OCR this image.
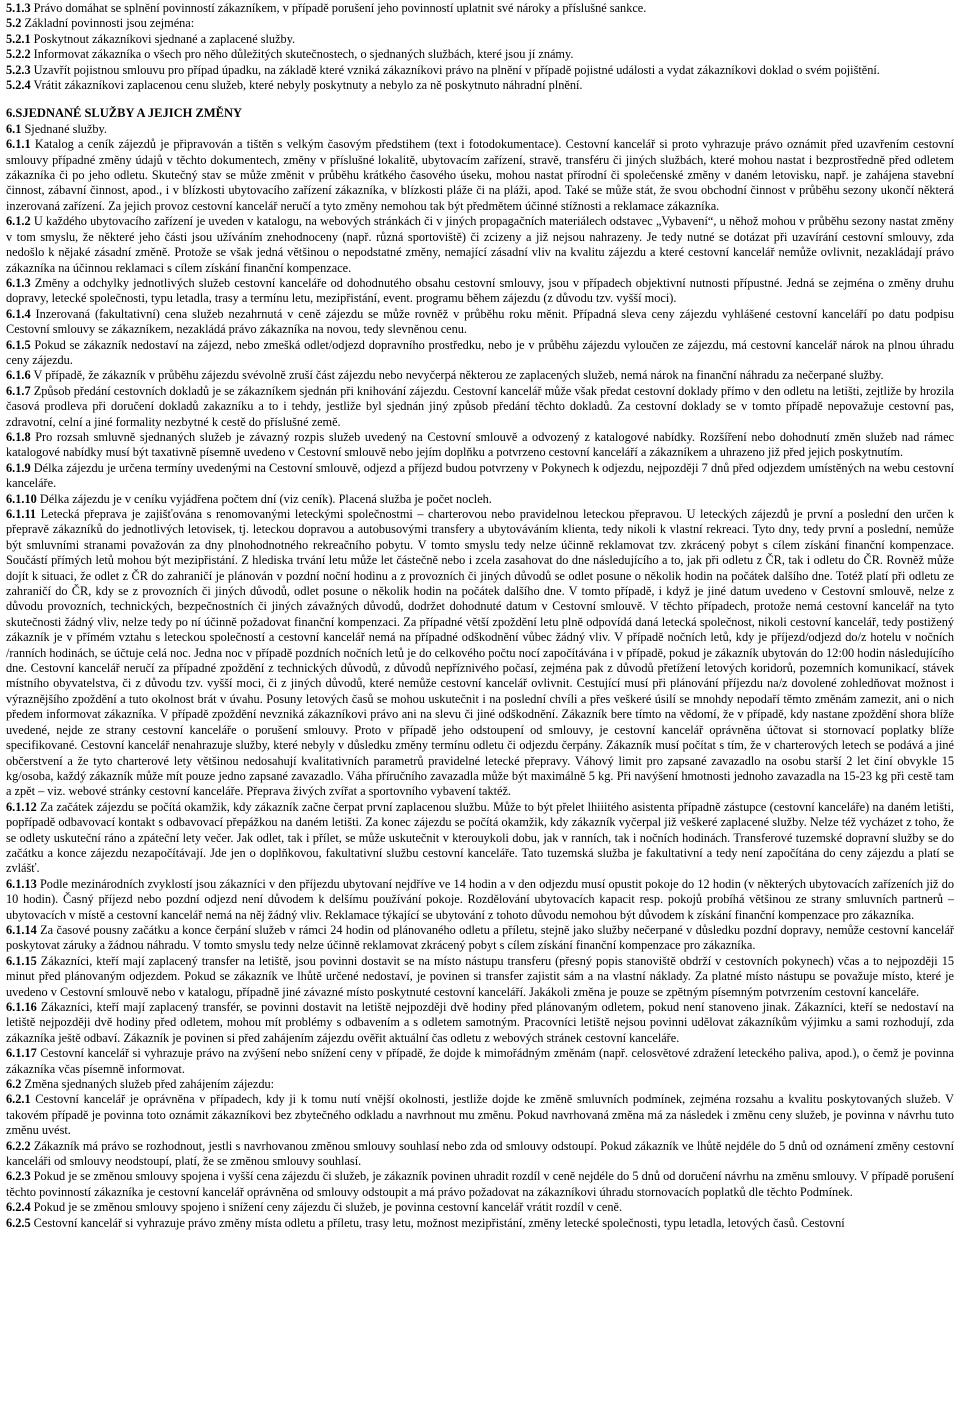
5.1.3 Právo domáhat se splnění povinností zákazníkem, v případě porušení jeho povinností uplatnit své nároky a příslušné sankce.

5.2 Základní povinnosti jsou zejména:

5.2.1 Poskytnout zákazníkovi sjednané a zaplacené služby.

5.2.2 Informovat zákazníka o všech pro něho důležitých skutečnostech, o sjednaných službách, které jsou jí známy.

5.2.3 Uzavřít pojistnou smlouvu pro případ úpadku, na základě které vzniká zákazníkovi právo na plnění v případě pojistné události a vydat zákazníkovi doklad o svém pojištění.

5.2.4 Vrátit zákazníkovi zaplacenou cenu služeb, které nebyly poskytnuty a nebylo za ně poskytnuto náhradní plnění.

6.SJEDNANÉ SLUŽBY A JEJICH ZMĚNY

6.1 Sjednané služby.

6.1.1 Katalog a ceník zájezdů je připravován a tištěn s velkým časovým předstihem (text i fotodokumentace). Cestovní kancelář si proto vyhrazuje právo oznámit před uzavřením cestovní smlouvy případné změny údajů v těchto dokumentech, změny v příslušné lokalitě, ubytovacím zařízení, stravě, transféru či jiných službách, které mohou nastat i bezprostředně před odletem zákazníka či po jeho odletu. Skutečný stav se může změnit v průběhu krátkého časového úseku, mohou nastat přírodní či společenské změny v daném letovisku, např. je zahájena stavební činnost, zábavní činnost, apod., i v blízkosti ubytovacího zařízení zákazníka, v blízkosti pláže či na pláži, apod. Také se může stát, že svou obchodní činnost v průběhu sezony ukončí některá inzerovaná zařízení. Za jejich provoz cestovní kancelář neručí a tyto změny nemohou tak být předmětem účinné stížnosti a reklamace zákazníka.

6.1.2 U každého ubytovacího zařízení je uveden v katalogu, na webových stránkách či v jiných propagačních materiálech odstavec „Vybavení“, u něhož mohou v průběhu sezony nastat změny v tom smyslu, že některé jeho části jsou užíváním znehodnoceny (např. různá sportoviště) či zcizeny a již nejsou nahrazeny. Je tedy nutné se dotázat při uzavírání cestovní smlouvy, zda nedošlo k nějaké zásadní změně. Protože se však jedná většinou o nepodstatné změny, nemající zásadní vliv na kvalitu zájezdu a které cestovní kancelář nemůže ovlivnit, nezakládají právo zákazníka na účinnou reklamaci s cílem získání finanční kompenzace.

6.1.3 Změny a odchylky jednotlivých služeb cestovní kanceláře od dohodnutého obsahu cestovní smlouvy, jsou v případech objektivní nutnosti přípustné. Jedná se zejména o změny druhu dopravy, letecké společnosti, typu letadla, trasy a termínu letu, mezipřistání, event. programu během zájezdu (z důvodu tzv. vyšší moci).

6.1.4 Inzerovaná (fakultativní) cena služeb nezahrnutá v ceně zájezdu se může rovněž v průběhu roku měnit. Případná sleva ceny zájezdu vyhlášené cestovní kanceláří po datu podpisu Cestovní smlouvy se zákazníkem, nezakládá právo zákazníka na novou, tedy slevněnou cenu.

6.1.5 Pokud se zákazník nedostaví na zájezd, nebo zmešká odlet/odjezd dopravního prostředku, nebo je v průběhu zájezdu vyloučen ze zájezdu, má cestovní kancelář nárok na plnou úhradu ceny zájezdu.

6.1.6 V případě, že zákazník v průběhu zájezdu svévolně zruší část zájezdu nebo nevyčerpá některou ze zaplacených služeb, nemá nárok na finanční náhradu za nečerpané služby.

6.1.7 Způsob předání cestovních dokladů je se zákazníkem sjednán při knihování zájezdu. Cestovní kancelář může však předat cestovní doklady přímo v den odletu na letišti, zejtliže by hrozila časová prodleva při doručení dokladů zakazníku a to i tehdy, jestliže byl sjednán jiný způsob předání těchto dokladů. Za cestovní doklady se v tomto případě nepovažuje cestovní pas, zdravotní, celní a jiné formality nezbytné k cestě do příslušné země.

6.1.8 Pro rozsah smluvně sjednaných služeb je závazný rozpis služeb uvedený na Cestovní smlouvě a odvozený z katalogové nabídky. Rozšíření nebo dohodnutí změn služeb nad rámec katalogové nabídky musí být taxativně písemně uvedeno v Cestovní smlouvě nebo jejím doplňku a potvrzeno cestovní kanceláří a zákazníkem a uhrazeno již před jejich poskytnutím.

6.1.9 Délka zájezdu je určena termíny uvedenými na Cestovní smlouvě, odjezd a příjezd budou potvrzeny v Pokynech k odjezdu, nejpozději 7 dnů před odjezdem umístěných na webu cestovní kanceláře.

6.1.10 Délka zájezdu je v ceníku vyjádřena počtem dní (viz ceník). Placená služba je počet nocleh.

6.1.11 Letecká přeprava je zajišťována s renomovanými leteckými společnostmi – charterovou nebo pravidelnou leteckou přepravou. U leteckých zájezdů je první a poslední den určen k přepravě zákazníků do jednotlivých letovisek, tj. leteckou dopravou a autobusovými transfery a ubytováváním klienta, tedy nikoli k vlastní rekreaci. Tyto dny, tedy první a poslední, nemůže být smluvními stranami považován za dny plnohodnotného rekreačního pobytu. V tomto smyslu tedy nelze účinně reklamovat tzv. zkrácený pobyt s cílem získání finanční kompenzace. Součástí přímých letů mohou být mezipřistání. Z hlediska trvání letu může let částečně nebo i zcela zasahovat do dne následujícího a to, jak při odletu z ČR, tak i odletu do ČR. Rovněž může dojít k situaci, že odlet z ČR do zahraničí je plánován v pozdní noční hodinu a z provozních či jiných důvodů se odlet posune o několik hodin na počátek dalšího dne. Totéž platí při odletu ze zahraničí do ČR, kdy se z provozních či jiných důvodů, odlet posune o několik hodin na počátek dalšího dne. V tomto případě, i když je jiné datum uvedeno v Cestovní smlouvě, nelze z důvodu provozních, technických, bezpečnostních či jiných závažných důvodů, dodržet dohodnuté datum v Cestovní smlouvě. V těchto případech, protože nemá cestovní kancelář na tyto skutečnosti žádný vliv, nelze tedy po ní účinně požadovat finanční kompenzaci. Za případné větší zpoždění letu plně odpovídá daná letecká společnost, nikoli cestovní kancelář, tedy postižený zákazník je v přímém vztahu s leteckou společností a cestovní kancelář nemá na případné odškodnění vůbec žádný vliv. V případě nočních letů, kdy je příjezd/odjezd do/z hotelu v nočních /ranních hodinách, se účtuje celá noc. Jedna noc v případě pozdních nočních letů je do celkového počtu nocí započítávána i v případě, pokud je zákazník ubytován do 12:00 hodin následujícího dne. Cestovní kancelář neručí za případné zpoždění z technických důvodů, z důvodů nepříznivého počasí, zejména pak z důvodů přetížení letových koridorů, pozemních komunikací, stávek místního obyvatelstva, či z důvodu tzv. vyšší moci, či z jiných důvodů, které nemůže cestovní kancelář ovlivnit. Cestující musí při plánování příjezdu na/z dovolené zohledňovat možnost i výraznějšího zpoždění a tuto okolnost brát v úvahu. Posuny letových časů se mohou uskutečnit i na poslední chvíli a přes veškeré úsilí se mnohdy nepodaří těmto změnám zamezit, ani o nich předem informovat zákazníka. V případě zpoždění nevzniká zákazníkovi právo ani na slevu či jiné odškodnění. Zákazník bere tímto na vědomí, že v případě, kdy nastane zpoždění shora blíže uvedené, nejde ze strany cestovní kanceláře o porušení smlouvy. Proto v případě jeho odstoupení od smlouvy, je cestovní kancelář oprávněna účtovat si stornovací poplatky blíže specifikované. Cestovní kancelář nenahrazuje služby, které nebyly v důsledku změny termínu odletu či odjezdu čerpány. Zákazník musí počítat s tím, že v charterových letech se podává a jiné občerstvení a že tyto charterové lety většinou nedosahují kvalitativních parametrů pravidelné letecké přepravy. Váhový limit pro zapsané zavazadlo na osobu starší 2 let činí obvykle 15 kg/osoba, každý zákazník může mít pouze jedno zapsané zavazadlo. Váha příručního zavazadla může být maximálně 5 kg. Při navýšení hmotnosti jednoho zavazadla na 15-23 kg při cestě tam a zpět – viz. webové stránky cestovní kanceláře. Přeprava živých zvířat a sportovního vybavení taktéž.

6.1.12 Za začátek zájezdu se počítá okamžik, kdy zákazník začne čerpat první zaplacenou službu. Může to být přelet lhiiitého asistenta případně zástupce (cestovní kanceláře) na daném letišti, popřípadě odbavovací kontakt s odbavovací přepážkou na daném letišti. Za konec zájezdu se počítá okamžik, kdy zákazník vyčerpal již veškeré zaplacené služby. Nelze též vycházet z toho, že se odlety uskuteční ráno a zpáteční lety večer. Jak odlet, tak i přílet, se může uskutečnit v kterouykoli dobu, jak v ranních, tak i nočních hodinách. Transferové tuzemské dopravní služby se do začátku a konce zájezdu nezapočítávají. Jde jen o doplňkovou, fakultativní službu cestovní kanceláře. Tato tuzemská služba je fakultativní a tedy není započítána do ceny zájezdu a platí se zvlášť.

6.1.13 Podle mezinárodních zvyklostí jsou zákazníci v den příjezdu ubytovaní nejdříve ve 14 hodin a v den odjezdu musí opustit pokoje do 12 hodin (v některých ubytovacích zařízeních již do 10 hodin). Časný příjezd nebo pozdní odjezd není důvodem k delšímu používání pokoje. Rozdělování ubytovacích kapacit resp. pokojů probíhá většinou ze strany smluvních partnerů – ubytovacích v místě a cestovní kancelář nemá na něj žádný vliv. Reklamace týkající se ubytování z tohoto důvodu nemohou být důvodem k získání finanční kompenzace pro zákazníka.

6.1.14 Za časové pousny začátku a konce čerpání služeb v rámci 24 hodin od plánovaného odletu a příletu, stejně jako služby nečerpané v důsledku pozdní dopravy, nemůže cestovní kancelář poskytovat záruky a žádnou náhradu. V tomto smyslu tedy nelze účinně reklamovat zkrácený pobyt s cílem získání finanční kompenzace pro zákazníka.

6.1.15 Zákazníci, kteří mají zaplacený transfer na letiště, jsou povinni dostavit se na místo nástupu transferu (přesný popis stanoviště obdrží v cestovních pokynech) včas a to nejpozději 15 minut před plánovaným odjezdem. Pokud se zákazník ve lhůtě určené nedostaví, je povinen si transfer zajistit sám a na vlastní náklady. Za platné místo nástupu se považuje místo, které je uvedeno v Cestovní smlouvě nebo v katalogu, případně jiné závazné místo poskytnuté cestovní kanceláří. Jakákoli změna je pouze se zpětným písemným potvrzením cestovní kanceláře.

6.1.16 Zákazníci, kteří mají zaplacený transfér, se povinni dostavit na letiště nejpozději dvě hodiny před plánovaným odletem, pokud není stanoveno jinak. Zákazníci, kteří se nedostaví na letiště nejpozději dvě hodiny před odletem, mohou mít problémy s odbavením a s odletem samotným. Pracovníci letiště nejsou povinni udělovat zákazníkům výjimku a sami rozhodují, zda zákazníka ještě odbaví. Zákazník je povinen si před zahájením zájezdu ověřit aktuální čas odletu z webových stránek cestovní kanceláře.

6.1.17 Cestovní kancelář si vyhrazuje právo na zvýšení nebo snížení ceny v případě, že dojde k mimořádným změnám (např. celosvětové zdražení leteckého paliva, apod.), o čemž je povinna zákazníka včas písemně informovat.

6.2 Změna sjednaných služeb před zahájením zájezdu:

6.2.1 Cestovní kancelář je oprávněna v případech, kdy ji k tomu nutí vnější okolnosti, jestliže dojde ke změně smluvních podmínek, zejména rozsahu a kvalitu poskytovaných služeb. V takovém případě je povinna toto oznámit zákazníkovi bez zbytečného odkladu a navrhnout mu změnu. Pokud navrhovaná změna má za následek i změnu ceny služeb, je povinna v návrhu tuto změnu uvést.

6.2.2 Zákazník má právo se rozhodnout, jestli s navrhovanou změnou smlouvy souhlasí nebo zda od smlouvy odstoupí. Pokud zákazník ve lhůtě nejdéle do 5 dnů od oznámení změny cestovní kanceláři od smlouvy neodstoupí, platí, že se změnou smlouvy souhlasí.

6.2.3 Pokud je se změnou smlouvy spojena i vyšší cena zájezdu či služeb, je zákazník povinen uhradit rozdíl v ceně nejdéle do 5 dnů od doručení návrhu na změnu smlouvy. V případě porušení těchto povinností zákazníka je cestovní kancelář oprávněna od smlouvy odstoupit a má právo požadovat na zákazníkovi úhradu stornovacích poplatků dle těchto Podmínek.

6.2.4 Pokud je se změnou smlouvy spojeno i snížení ceny zájezdu či služeb, je povinna cestovní kancelář vrátit rozdíl v ceně.

6.2.5 Cestovní kancelář si vyhrazuje právo změny místa odletu a příletu, trasy letu, možnost mezipřistání, změny letecké společnosti, typu letadla, letových časů. Cestovní
